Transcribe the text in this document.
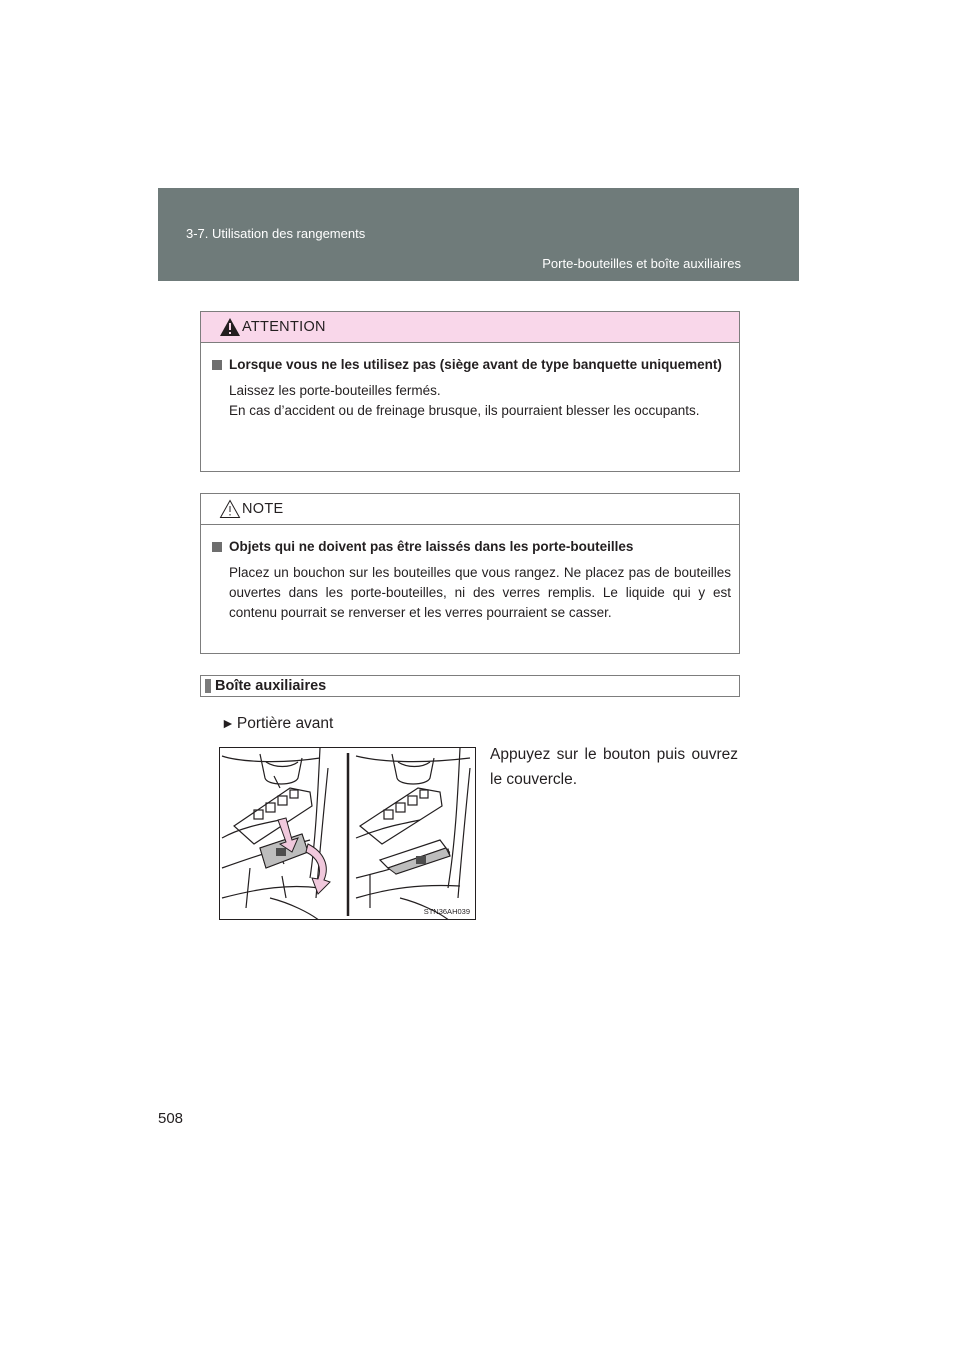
3-7. Utilisation des rangements
Porte-bouteilles et boîte auxiliaires
ATTENTION
Lorsque vous ne les utilisez pas (siège avant de type banquette uniquement)

Laissez les porte-bouteilles fermés.

En cas d’accident ou de freinage brusque, ils pourraient blesser les occupants.

NOTE
Objets qui ne doivent pas être laissés dans les porte-bouteilles
Placez un bouchon sur les bouteilles que vous rangez. Ne placez pas de bouteilles ouvertes dans les porte-bouteilles, ni des verres remplis. Le liquide qui y est contenu pourrait se renverser et les verres pourraient se casser.
Boîte auxiliaires
► Portière avant
Appuyez sur le bouton puis ouvrez le couvercle.
STN36AH039
508
